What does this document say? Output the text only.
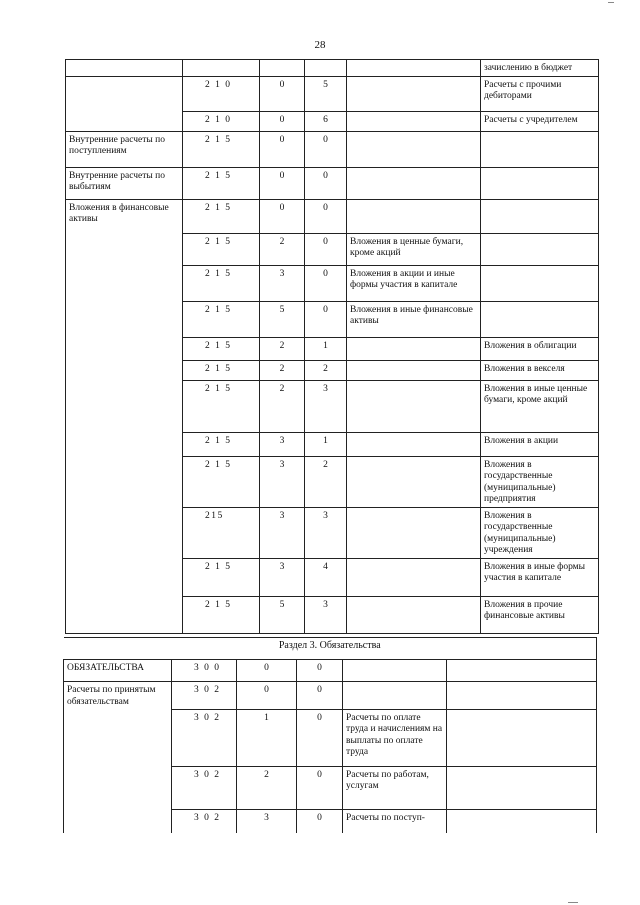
28
					зачислению в бюджет
	2 1 0	0	5		Расчеты с прочими дебиторами
	2 1 0	0	6		Расчеты с учредителем
Внутренние расчеты по поступлениям	2 1 5	0	0		
Внутренние расчеты по выбытиям	2 1 5	0	0		
Вложения в финансовые активы	2 1 5	0	0		
	2 1 5	2	0	Вложения в ценные бумаги, кроме акций	
	2 1 5	3	0	Вложения в акции и иные формы участия в капитале	
	2 1 5	5	0	Вложения в иные финансовые активы	
	2 1 5	2	1		Вложения в облигации
	2 1 5	2	2		Вложения в векселя
	2 1 5	2	3		Вложения в иные ценные бумаги, кроме акций
	2 1 5	3	1		Вложения в акции
	2 1 5	3	2		Вложения в государственные (муниципальные) предприятия
	215	3	3		Вложения в государственные (муниципальные) учреждения
	2 1 5	3	4		Вложения в иные формы участия в капитале
	2 1 5	5	3		Вложения в прочие финансовые активы
Раздел 3. Обязательства					
ОБЯЗАТЕЛЬСТВА	3 0 0	0	0		
Расчеты по принятым обязательствам	3 0 2	0	0		
	3 0 2	1	0	Расчеты по оплате труда и начислениям на выплаты по оплате труда	
	3 0 2	2	0	Расчеты по работам, услугам	
	3 0 2	3	0	Расчеты по поступ-	
